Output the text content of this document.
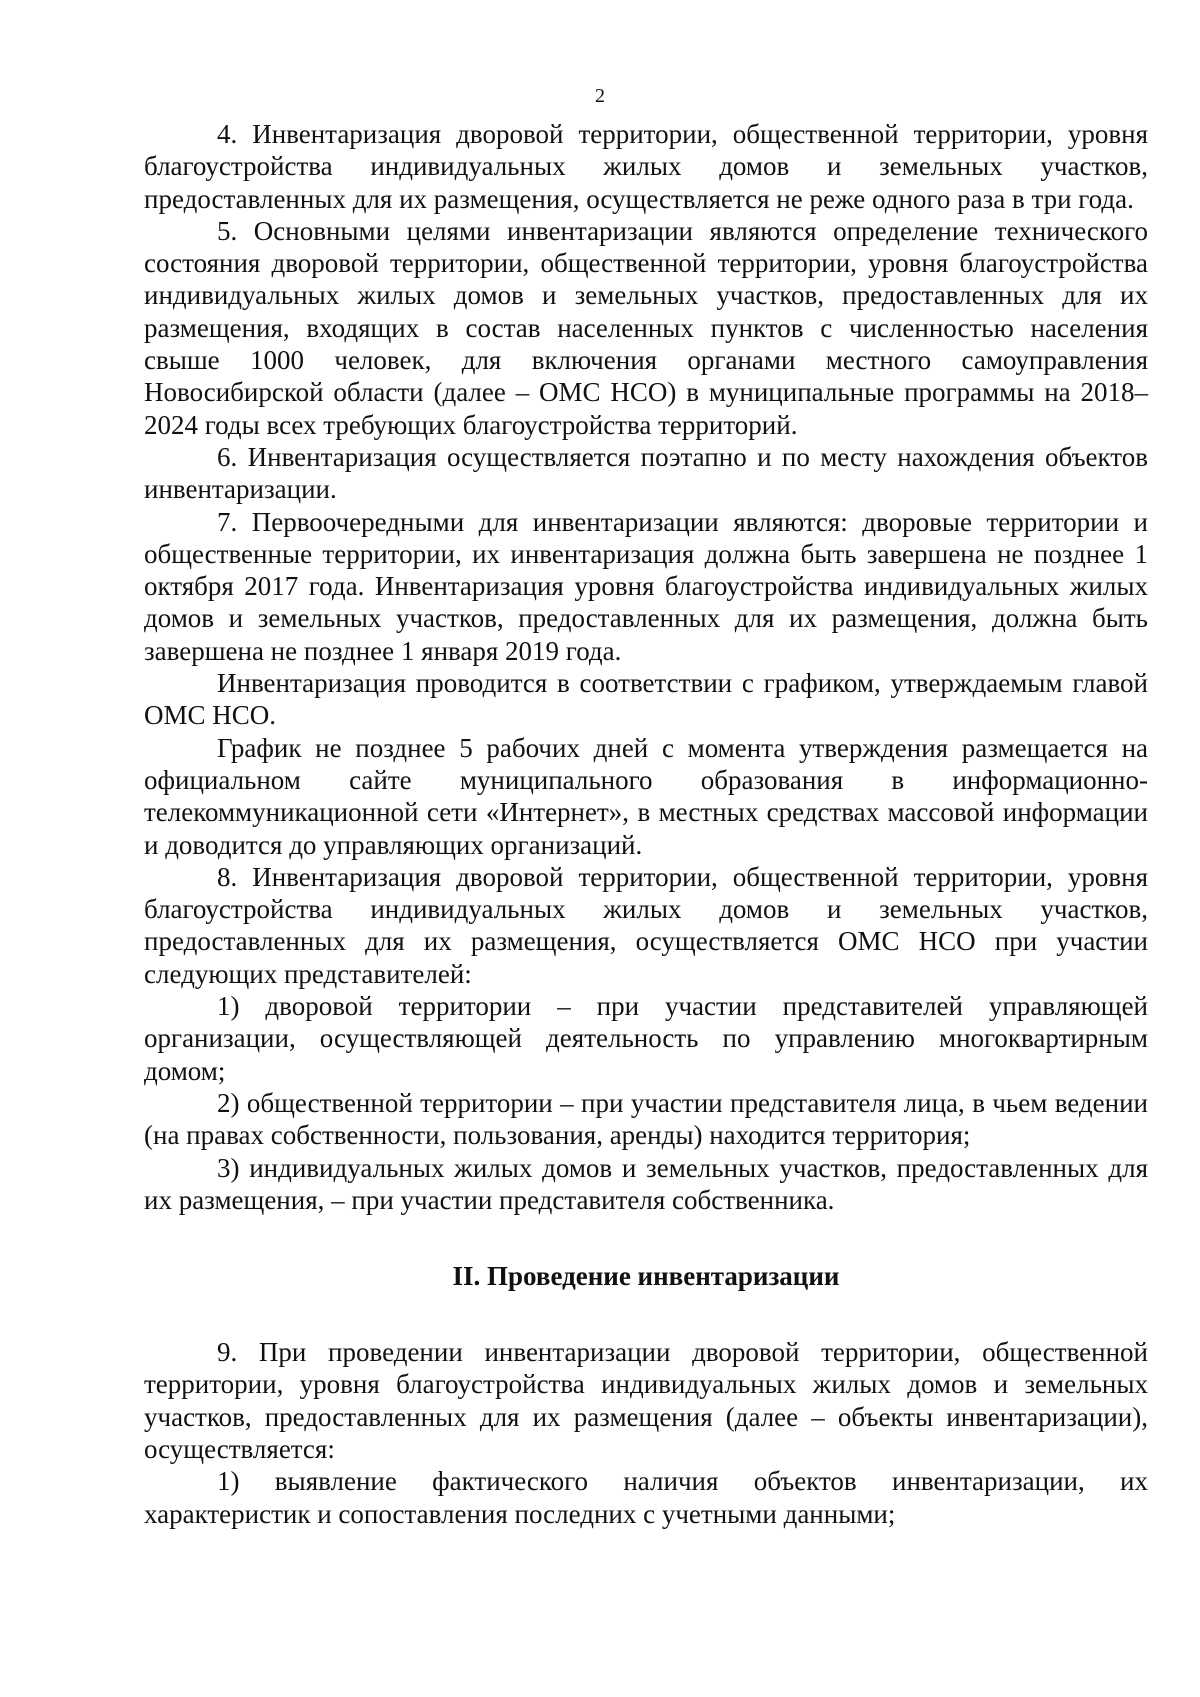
2

4. Инвентаризация дворовой территории, общественной территории, уровня благоустройства индивидуальных жилых домов и земельных участков, предоставленных для их размещения, осуществляется не реже одного раза в три года.

5. Основными целями инвентаризации являются определение технического состояния дворовой территории, общественной территории, уровня благоустройства индивидуальных жилых домов и земельных участков, предоставленных для их размещения, входящих в состав населенных пунктов с численностью населения свыше 1000 человек, для включения органами местного самоуправления Новосибирской области (далее – ОМС НСО) в муниципальные программы на 2018–2024 годы всех требующих благоустройства территорий.

6. Инвентаризация осуществляется поэтапно и по месту нахождения объектов инвентаризации.

7. Первоочередными для инвентаризации являются: дворовые территории и общественные территории, их инвентаризация должна быть завершена не позднее 1 октября 2017 года. Инвентаризация уровня благоустройства индивидуальных жилых домов и земельных участков, предоставленных для их размещения, должна быть завершена не позднее 1 января 2019 года.

Инвентаризация проводится в соответствии с графиком, утверждаемым главой ОМС НСО.

График не позднее 5 рабочих дней с момента утверждения размещается на официальном сайте муниципального образования в информационно-телекоммуникационной сети «Интернет», в местных средствах массовой информации и доводится до управляющих организаций.

8. Инвентаризация дворовой территории, общественной территории, уровня благоустройства индивидуальных жилых домов и земельных участков, предоставленных для их размещения, осуществляется ОМС НСО при участии следующих представителей:

1) дворовой территории – при участии представителей управляющей организации, осуществляющей деятельность по управлению многоквартирным домом;

2) общественной территории – при участии представителя лица, в чьем ведении (на правах собственности, пользования, аренды) находится территория;

3) индивидуальных жилых домов и земельных участков, предоставленных для их размещения, – при участии представителя собственника.

II. Проведение инвентаризации

9. При проведении инвентаризации дворовой территории, общественной территории, уровня благоустройства индивидуальных жилых домов и земельных участков, предоставленных для их размещения (далее – объекты инвентаризации), осуществляется:

1) выявление фактического наличия объектов инвентаризации, их характеристик и сопоставления последних с учетными данными;
